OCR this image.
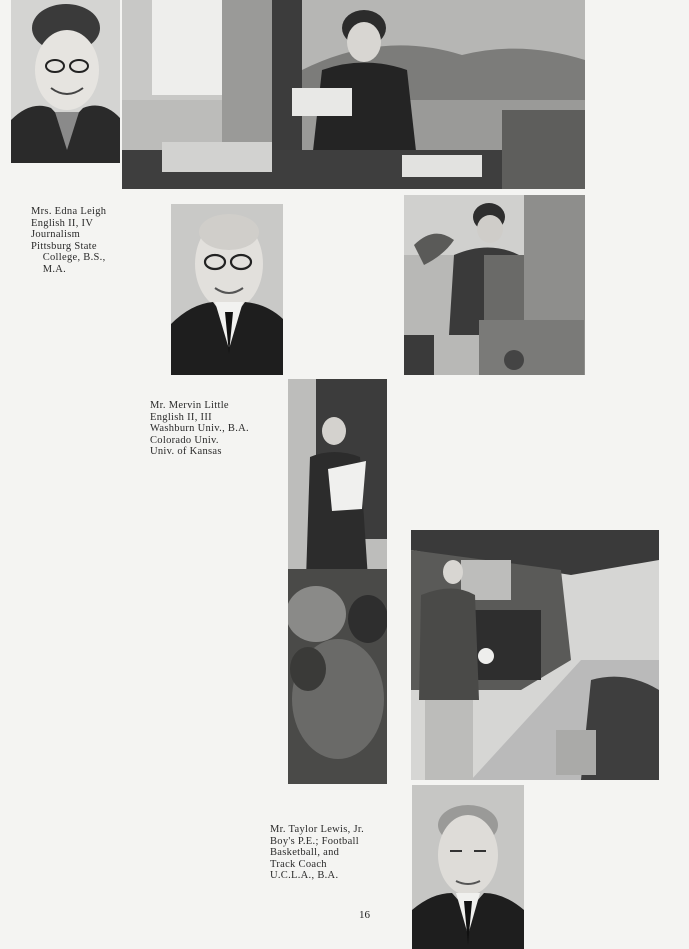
Mrs. Edna Leigh
English II, IV
Journalism
Pittsburg State
College, B.S.,
M.A.
Mr. Mervin Little
English II, III
Washburn Univ., B.A.
Colorado Univ.
Univ. of Kansas
Mr. Taylor Lewis, Jr.
Boy's P.E.; Football
Basketball, and
Track Coach
U.C.L.A., B.A.
16
